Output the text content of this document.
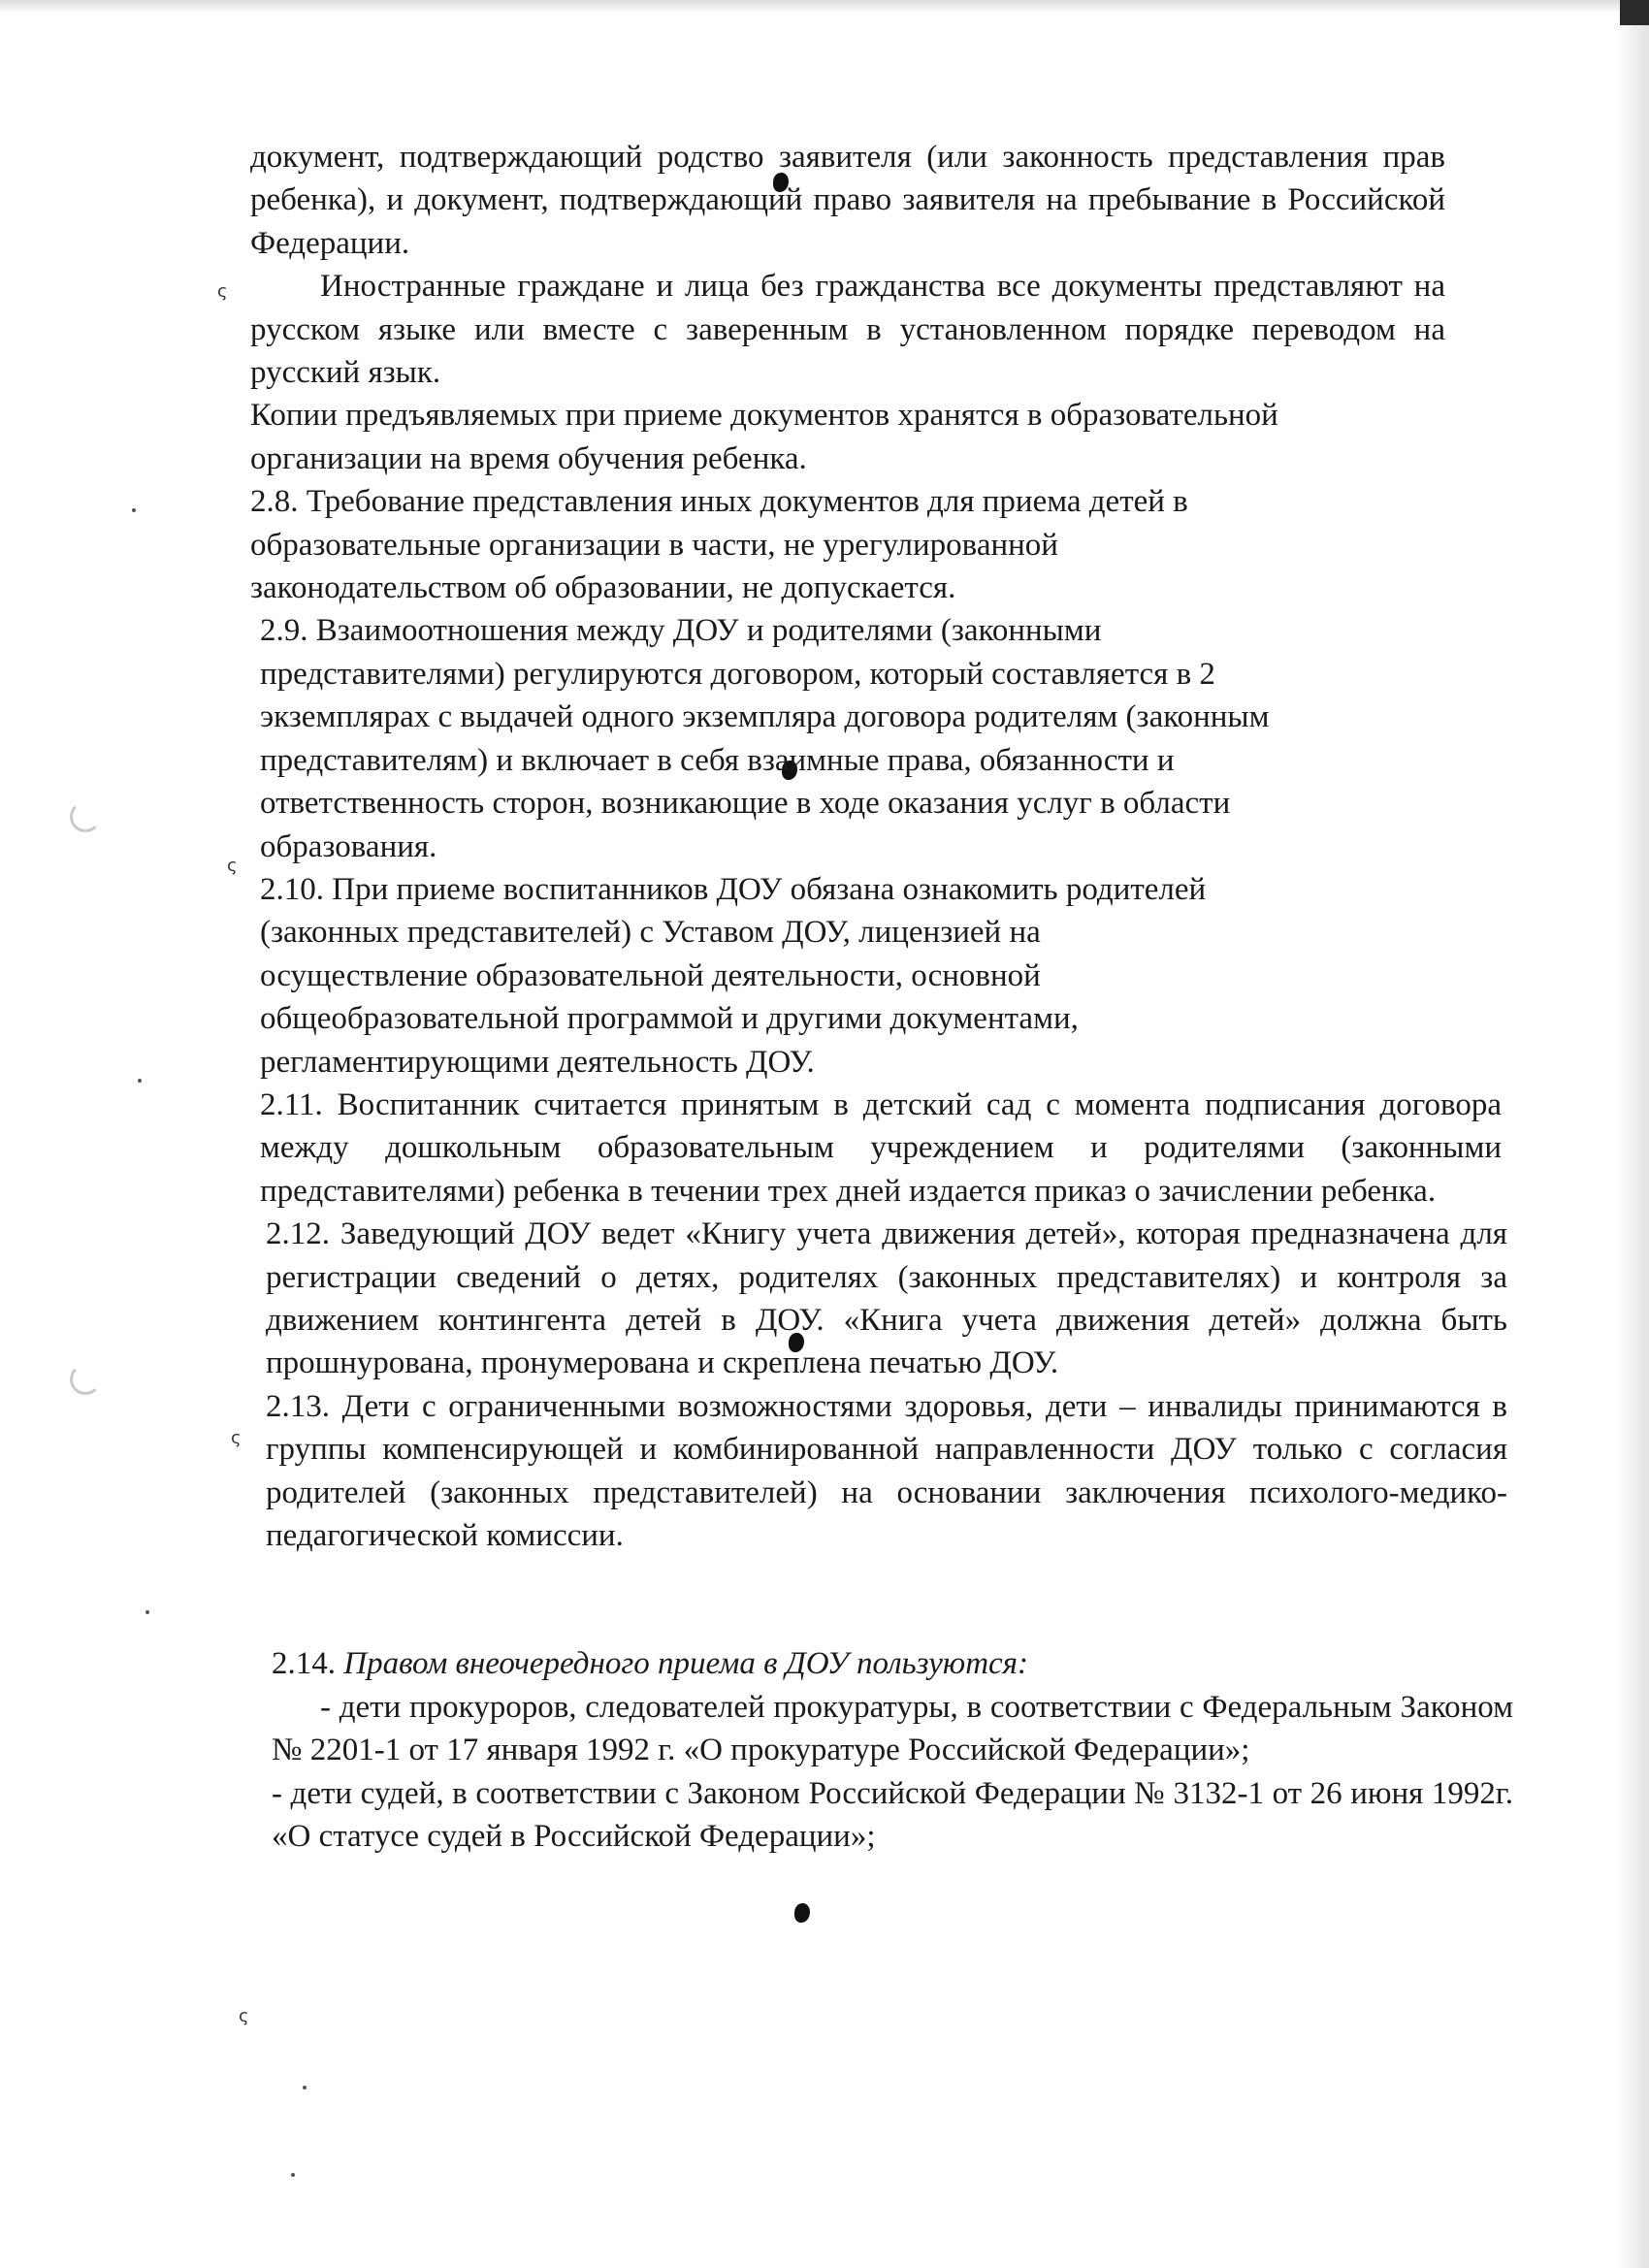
ς
ς
ς
ς
документ, подтверждающий родство заявителя (или законность представления прав ребенка), и документ, подтверждающий право заявителя на пребывание в Российской Федерации.
Иностранные граждане и лица без гражданства все документы представляют на русском языке или вместе с заверенным в установленном порядке переводом на русский язык.
Копии предъявляемых при приеме документов хранятся в образовательной организации на время обучения ребенка.
2.8. Требование представления иных документов для приема детей в образовательные организации в части, не урегулированной законодательством об образовании, не допускается.
2.9. Взаимоотношения между ДОУ и родителями (законными представителями) регулируются договором, который составляется в 2 экземплярах с выдачей одного экземпляра договора родителям (законным представителям) и включает в себя взаимные права, обязанности и ответственность сторон, возникающие в ходе оказания услуг в области образования.
2.10. При приеме воспитанников ДОУ обязана ознакомить родителей (законных представителей) с Уставом ДОУ, лицензией на осуществление образовательной деятельности, основной общеобразовательной программой и другими документами, регламентирующими деятельность ДОУ.
2.11. Воспитанник считается принятым в детский сад с момента подписания договора между дошкольным образовательным учреждением и родителями (законными представителями) ребенка в течении трех дней издается приказ о зачислении ребенка.
2.12. Заведующий ДОУ ведет «Книгу учета движения детей», которая предназначена для регистрации сведений о детях, родителях (законных представителях) и контроля за движением контингента детей в ДОУ. «Книга учета движения детей» должна быть прошнурована, пронумерована и скреплена печатью ДОУ.
2.13. Дети с ограниченными возможностями здоровья, дети – инвалиды принимаются в группы компенсирующей и комбинированной направленности ДОУ только с согласия родителей (законных представителей) на основании заключения психолого-медико-педагогической комиссии.
2.14. Правом внеочередного приема в ДОУ пользуются:
- дети прокуроров, следователей прокуратуры, в соответствии с Федеральным Законом № 2201-1 от 17 января 1992 г. «О прокуратуре Российской Федерации»;
- дети судей, в соответствии с Законом Российской Федерации № 3132-1 от 26 июня 1992г. «О статусе судей в Российской Федерации»;
